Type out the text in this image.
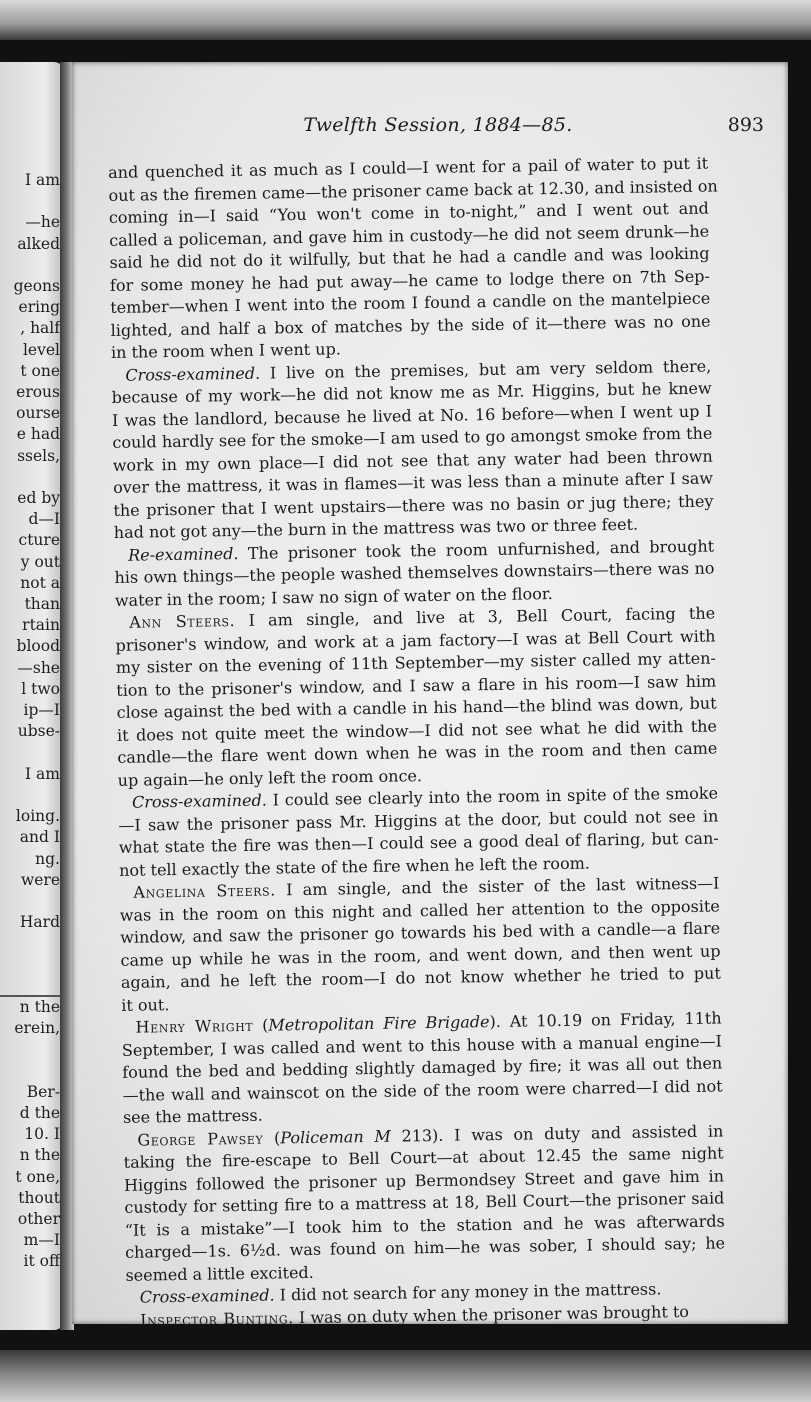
I am

—he
alked

geons
ering
, half
level
t one
erous
ourse
e had
ssels,

ed by
d—I
cture
y out
not a
than
rtain
blood
—she
l two
ip—I
ubse-

I am

loing.
and I
ng.
were

Hard

n the
erein,

Ber-
d the
10. I
n the
t one,
thout
other
m—I
it off
Twelfth Session, 1884—85.	893

and quenched it as much as I could—I went for a pail of water to put it
out as the firemen came—the prisoner came back at 12.30, and insisted on
coming in—I said “You won't come in to-night,” and I went out and
called a policeman, and gave him in custody—he did not seem drunk—he
said he did not do it wilfully, but that he had a candle and was looking
for some money he had put away—he came to lodge there on 7th Sep-
tember—when I went into the room I found a candle on the mantelpiece
lighted, and half a box of matches by the side of it—there was no one
in the room when I went up.

Cross-examined. I live on the premises, but am very seldom there,
because of my work—he did not know me as Mr. Higgins, but he knew
I was the landlord, because he lived at No. 16 before—when I went up I
could hardly see for the smoke—I am used to go amongst smoke from the
work in my own place—I did not see that any water had been thrown
over the mattress, it was in flames—it was less than a minute after I saw
the prisoner that I went upstairs—there was no basin or jug there; they
had not got any—the burn in the mattress was two or three feet.

Re-examined. The prisoner took the room unfurnished, and brought
his own things—the people washed themselves downstairs—there was no
water in the room; I saw no sign of water on the floor.

Ann Steers. I am single, and live at 3, Bell Court, facing the
prisoner's window, and work at a jam factory—I was at Bell Court with
my sister on the evening of 11th September—my sister called my atten-
tion to the prisoner's window, and I saw a flare in his room—I saw him
close against the bed with a candle in his hand—the blind was down, but
it does not quite meet the window—I did not see what he did with the
candle—the flare went down when he was in the room and then came
up again—he only left the room once.

Cross-examined. I could see clearly into the room in spite of the smoke
—I saw the prisoner pass Mr. Higgins at the door, but could not see in
what state the fire was then—I could see a good deal of flaring, but can-
not tell exactly the state of the fire when he left the room.

Angelina Steers. I am single, and the sister of the last witness—I
was in the room on this night and called her attention to the opposite
window, and saw the prisoner go towards his bed with a candle—a flare
came up while he was in the room, and went down, and then went up
again, and he left the room—I do not know whether he tried to put
it out.

Henry Wright (Metropolitan Fire Brigade). At 10.19 on Friday, 11th
September, I was called and went to this house with a manual engine—I
found the bed and bedding slightly damaged by fire; it was all out then
—the wall and wainscot on the side of the room were charred—I did not
see the mattress.

George Pawsey (Policeman M 213). I was on duty and assisted in
taking the fire-escape to Bell Court—at about 12.45 the same night
Higgins followed the prisoner up Bermondsey Street and gave him in
custody for setting fire to a mattress at 18, Bell Court—the prisoner said
“It is a mistake”—I took him to the station and he was afterwards
charged—1s. 6½d. was found on him—he was sober, I should say; he
seemed a little excited.

Cross-examined. I did not search for any money in the mattress.

Inspector Bunting. I was on duty when the prisoner was brought to
